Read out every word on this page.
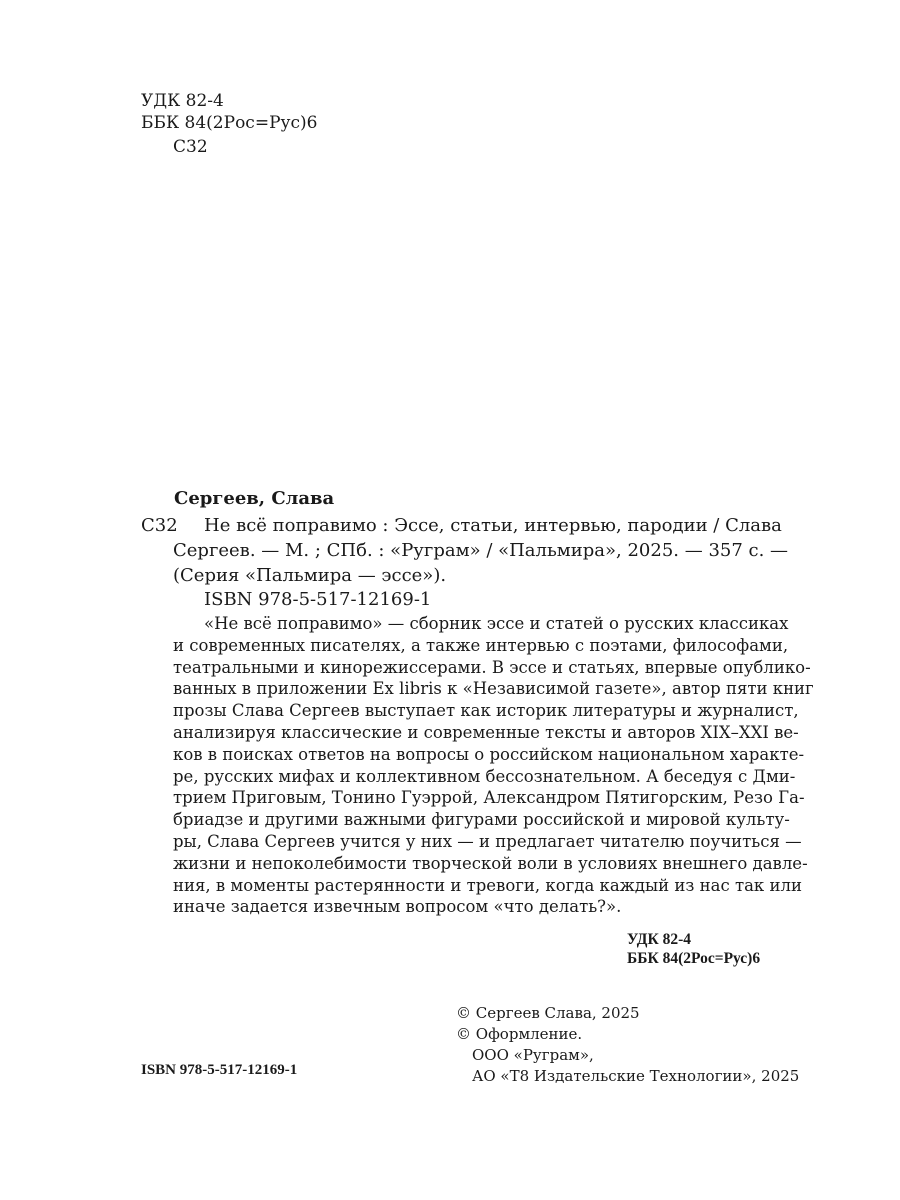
УДК 82-4
ББК 84(2Рос=Рус)6
С32
Сергеев, Слава
С32 Не всё поправимо : Эссе, статьи, интервью, пародии / Слава
Сергеев. — М. ; СПб. : «Руграм» / «Пальмира», 2025. — 357 с. —
(Серия «Пальмира — эссе»).
ISBN 978-5-517-12169-1
«Не всё поправимо» — сборник эссе и статей о русских классиках
и современных писателях, а также интервью с поэтами, философами,
театральными и кинорежиссерами. В эссе и статьях, впервые опублико-
ванных в приложении Ex libris к «Независимой газете», автор пяти книг
прозы Слава Сергеев выступает как историк литературы и журналист,
анализируя классические и современные тексты и авторов XIX–XXI ве-
ков в поисках ответов на вопросы о российском национальном характе-
ре, русских мифах и коллективном бессознательном. А беседуя с Дми-
трием Приговым, Тонино Гуэррой, Александром Пятигорским, Резо Га-
бриадзе и другими важными фигурами российской и мировой культу-
ры, Слава Сергеев учится у них — и предлагает читателю поучиться —
жизни и непоколебимости творческой воли в условиях внешнего давле-
ния, в моменты растерянности и тревоги, когда каждый из нас так или
иначе задается извечным вопросом «что делать?».
УДК 82-4
ББК 84(2Рос=Рус)6
© Сергеев Слава, 2025
© Оформление.
ООО «Руграм»,
АО «Т8 Издательские Технологии», 2025
ISBN 978-5-517-12169-1
